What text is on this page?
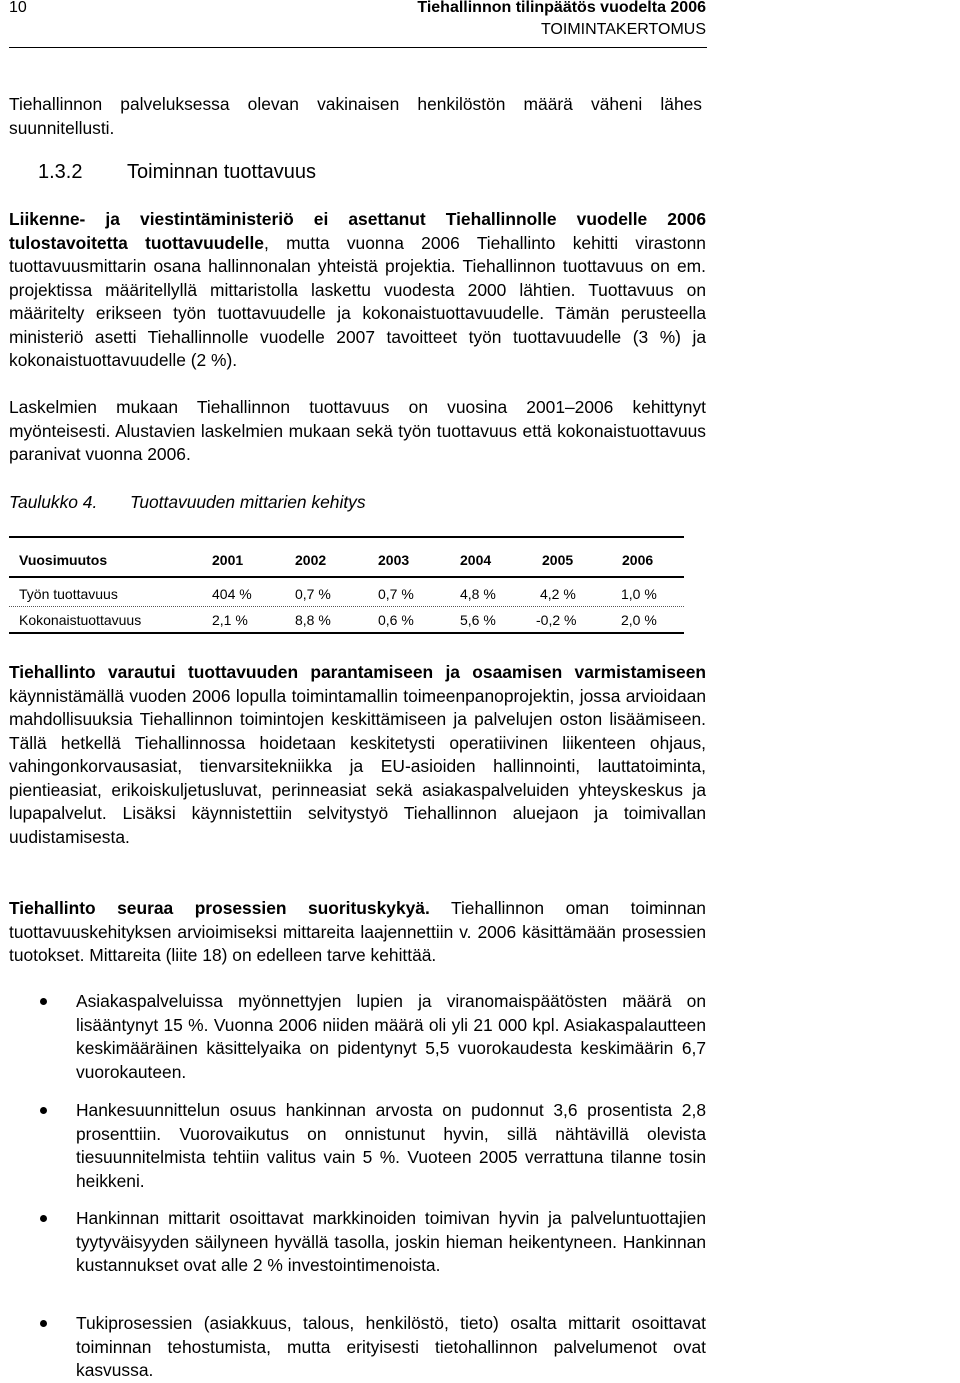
10	Tiehallinnon tilinpäätös vuodelta 2006
TOIMINTAKERTOMUS
Tiehallinnon palveluksessa olevan vakinaisen henkilöstön määrä väheni lähes suunnitellusti.
1.3.2 Toiminnan tuottavuus
Liikenne- ja viestintäministeriö ei asettanut Tiehallinnolle vuodelle 2006 tulostavoitetta tuottavuudelle, mutta vuonna 2006 Tiehallinto kehitti virastonn tuottavuusmittarin osana hallinnonalan yhteistä projektia. Tiehallinnon tuottavuus on em. projektissa määritellyllä mittaristolla laskettu vuodesta 2000 lähtien. Tuottavuus on määritelty erikseen työn tuottavuudelle ja kokonaistuottavuudelle. Tämän perusteella ministeriö asetti Tiehallinnolle vuodelle 2007 tavoitteet työn tuottavuudelle (3 %) ja kokonaistuottavuudelle (2 %).
Laskelmien mukaan Tiehallinnon tuottavuus on vuosina 2001–2006 kehittynyt myönteisesti. Alustavien laskelmien mukaan sekä työn tuottavuus että kokonaistuottavuus paranivat vuonna 2006.
Taulukko 4. Tuottavuuden mittarien kehitys
Vuosimuutos	2001	2002	2003	2004	2005	2006
Työn tuottavuus	404 %	0,7 %	0,7 %	4,8 %	4,2 %	1,0 %
Kokonaistuottavuus	2,1 %	8,8 %	0,6 %	5,6 %	-0,2 %	2,0 %
Tiehallinto varautui tuottavuuden parantamiseen ja osaamisen varmistamiseen käynnistämällä vuoden 2006 lopulla toimintamallin toimeenpanoprojektin, jossa arvioidaan mahdollisuuksia Tiehallinnon toimintojen keskittämiseen ja palvelujen oston lisäämiseen. Tällä hetkellä Tiehallinnossa hoidetaan keskitetysti operatiivinen liikenteen ohjaus, vahingonkorvausasiat, tienvarsitekniikka ja EU-asioiden hallinnointi, lauttatoiminta, pientieasiat, erikoiskuljetusluvat, perinneasiat sekä asiakaspalveluiden yhteyskeskus ja lupapalvelut. Lisäksi käynnistettiin selvitystyö Tiehallinnon aluejaon ja toimivallan uudistamisesta.
Tiehallinto seuraa prosessien suorituskykyä. Tiehallinnon oman toiminnan tuottavuuskehityksen arvioimiseksi mittareita laajennettiin v. 2006 käsittämään prosessien tuotokset. Mittareita (liite 18) on edelleen tarve kehittää.
Asiakaspalveluissa myönnettyjen lupien ja viranomaispäätösten määrä on lisääntynyt 15 %. Vuonna 2006 niiden määrä oli yli 21 000 kpl. Asiakaspalautteen keskimääräinen käsittelyaika on pidentynyt 5,5 vuorokaudesta keskimäärin 6,7 vuorokauteen.
Hankesuunnittelun osuus hankinnan arvosta on pudonnut 3,6 prosentista 2,8 prosenttiin. Vuorovaikutus on onnistunut hyvin, sillä nähtävillä olevista tiesuunnitelmista tehtiin valitus vain 5 %. Vuoteen 2005 verrattuna tilanne tosin heikkeni.
Hankinnan mittarit osoittavat markkinoiden toimivan hyvin ja palveluntuottajien tyytyväisyyden säilyneen hyvällä tasolla, joskin hieman heikentyneen. Hankinnan kustannukset ovat alle 2 % investointimenoista.
Tukiprosessien (asiakkuus, talous, henkilöstö, tieto) osalta mittarit osoittavat toiminnan tehostumista, mutta erityisesti tietohallinnon palvelumenot ovat kasvussa.
